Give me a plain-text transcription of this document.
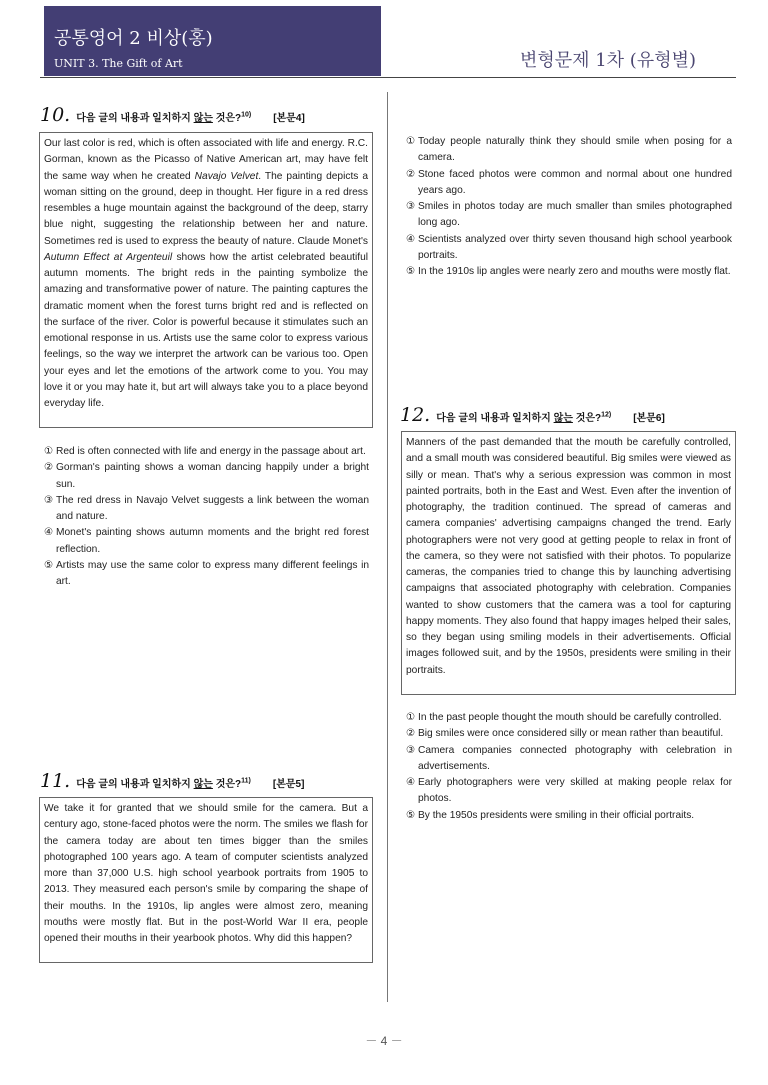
공통영어 2 비상(홍)
UNIT 3. The Gift of Art	변형문제 1차 (유형별)
10. 다음 글의 내용과 일치하지 않는 것은?$^{10)}$ [본문4]
Our last color is red, which is often associated with life and energy. R.C. Gorman, known as the Picasso of Native American art, may have felt the same way when he created Navajo Velvet. The painting depicts a woman sitting on the ground, deep in thought. Her figure in a red dress resembles a huge mountain against the background of the deep, starry blue night, suggesting the relationship between her and nature. Sometimes red is used to express the beauty of nature. Claude Monet's Autumn Effect at Argenteuil shows how the artist celebrated beautiful autumn moments. The bright reds in the painting symbolize the amazing and transformative power of nature. The painting captures the dramatic moment when the forest turns bright red and is reflected on the surface of the river. Color is powerful because it stimulates such an emotional response in us. Artists use the same color to express various feelings, so the way we interpret the artwork can be various too. Open your eyes and let the emotions of the artwork come to you. You may love it or you may hate it, but art will always take you to a place beyond everyday life.
① Red is often connected with life and energy in the passage about art.
② Gorman's painting shows a woman dancing happily under a bright sun.
③ The red dress in Navajo Velvet suggests a link between the woman and nature.
④ Monet's painting shows autumn moments and the bright red forest reflection.
⑤ Artists may use the same color to express many different feelings in art.
11. 다음 글의 내용과 일치하지 않는 것은?$^{11)}$ [본문5]
We take it for granted that we should smile for the camera. But a century ago, stone-faced photos were the norm. The smiles we flash for the camera today are about ten times bigger than the smiles photographed 100 years ago. A team of computer scientists analyzed more than 37,000 U.S. high school yearbook portraits from 1905 to 2013. They measured each person's smile by comparing the shape of their mouths. In the 1910s, lip angles were almost zero, meaning mouths were mostly flat. But in the post-World War II era, people opened their mouths in their yearbook photos. Why did this happen?
① Today people naturally think they should smile when posing for a camera.
② Stone faced photos were common and normal about one hundred years ago.
③ Smiles in photos today are much smaller than smiles photographed long ago.
④ Scientists analyzed over thirty seven thousand high school yearbook portraits.
⑤ In the 1910s lip angles were nearly zero and mouths were mostly flat.
12. 다음 글의 내용과 일치하지 않는 것은?$^{12)}$ [본문6]
Manners of the past demanded that the mouth be carefully controlled, and a small mouth was considered beautiful. Big smiles were viewed as silly or mean. That's why a serious expression was common in most painted portraits, both in the East and West. Even after the invention of photography, the tradition continued. The spread of cameras and camera companies' advertising campaigns changed the trend. Early photographers were not very good at getting people to relax in front of the camera, so they were not satisfied with their photos. To popularize cameras, the companies tried to change this by launching advertising campaigns that associated photography with celebration. Companies wanted to show customers that the camera was a tool for capturing happy moments. They also found that happy images helped their sales, so they began using smiling models in their advertisements. Official images followed suit, and by the 1950s, presidents were smiling in their portraits.
① In the past people thought the mouth should be carefully controlled.
② Big smiles were once considered silly or mean rather than beautiful.
③ Camera companies connected photography with celebration in advertisements.
④ Early photographers were very skilled at making people relax for photos.
⑤ By the 1950s presidents were smiling in their official portraits.
－ 4 －
